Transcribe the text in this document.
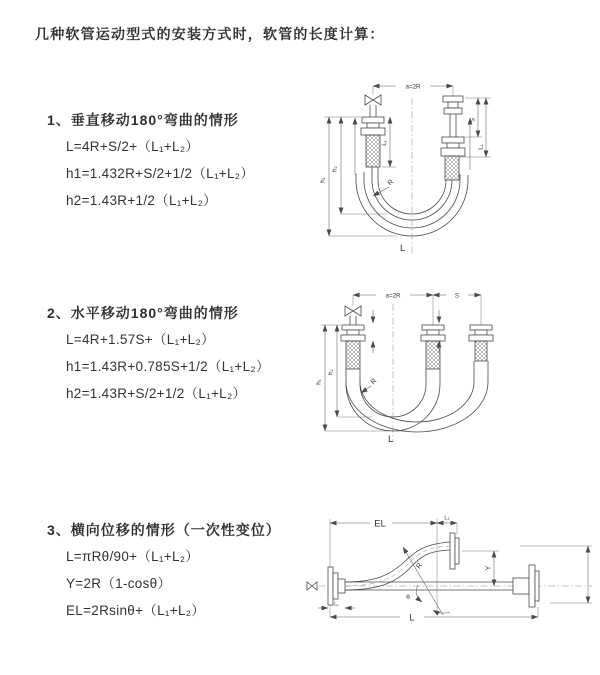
几种软管运动型式的安装方式时，软管的长度计算：
1、垂直移动180°弯曲的情形
L=4R+S/2+（L₁+L₂）
h1=1.432R+S/2+1/2（L₁+L₂）
h2=1.43R+1/2（L₁+L₂）
2、水平移动180°弯曲的情形
L=4R+1.57S+（L₁+L₂）
h1=1.43R+0.785S+1/2（L₁+L₂）
h2=1.43R+S/2+1/2（L₁+L₂）
3、横向位移的情形（一次性变位）
L=πRθ/90+（L₁+L₂）
Y=2R（1-cosθ）
EL=2Rsinθ+（L₁+L₂）
a=2R
S
L₁
h₁
h₂
L₁
R
L
a=2R	S
h₁
h₂
R
L
EL	L₂
Y
R
θ
L₁
L
